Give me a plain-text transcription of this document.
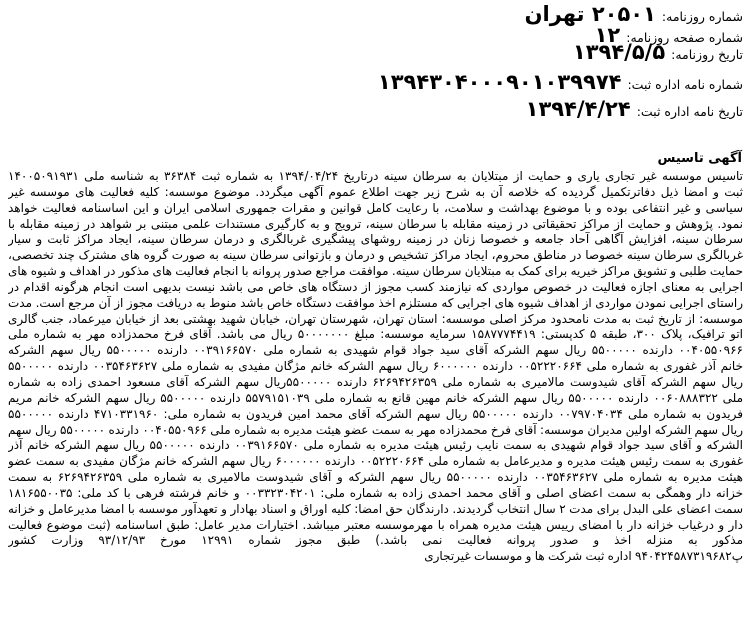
شماره روزنامه:
۲۰۵۰۱ تهران
شماره صفحه روزنامه:
۱۲
تاریخ روزنامه:
۱۳۹۴/۵/۵
شماره نامه اداره ثبت:
۱۳۹۴۳۰۴۰۰۰۹۰۱۰۳۹۹۷۴
تاریخ نامه اداره ثبت:
۱۳۹۴/۴/۲۴
آگهی تاسیس
تاسیس موسسه غیر تجاری یاری و حمایت از مبتلایان به سرطان سینه درتاریخ ۱۳۹۴/۰۴/۲۴ به شماره ثبت ۳۶۳۸۴ به شناسه ملی ۱۴۰۰۵۰۹۱۹۳۱
ثبت و امضا ذیل دفاترتکمیل گردیده که خلاصه آن به شرح زیر جهت اطلاع عموم آگهی میگردد. موضوع موسسه: کلیه فعالیت های موسسه غیر
سیاسی و غیر انتفاعی بوده و با موضوع بهداشت و سلامت، با رعایت کامل قوانین و مقرات جمهوری اسلامی ایران و این اساسنامه فعالیت خواهد
نمود. پژوهش و حمایت از مراکز تحقیقاتی در زمینه مقابله با سرطان سینه، ترویج و به کارگیری مستندات علمی مبتنی بر شواهد در زمینه مقابله با
سرطان سینه، افزایش آگاهی آحاد جامعه و خصوصا زنان در زمینه روشهای پیشگیری غربالگری و درمان سرطان سینه، ایجاد مراکز ثابت و سیار
غربالگری سرطان سینه خصوصا در مناطق محروم، ایجاد مراکز تشخیص و درمان و بازتوانی سرطان سینه به صورت گروه های مشترک چند تخصصی،
حمایت طلبی و تشویق مراکز خیریه برای کمک به مبتلایان سرطان سینه. موافقت مراجع صدور پروانه با انجام فعالیت های مذکور در اهداف و شیوه های
اجرایی به معنای اجازه فعالیت در خصوص مواردی که نیازمند کسب مجوز از دستگاه های خاص می باشد نیست بدیهی است انجام هرگونه اقدام در
راستای اجرایی نمودن مواردی از اهداف شیوه های اجرایی که مستلزم اخذ موافقت دستگاه خاص باشد منوط به دریافت مجوز از آن مرجع است. مدت
موسسه: از تاریخ ثبت به مدت نامحدود مرکز اصلی موسسه: استان تهران، شهرستان تهران، خیابان شهید بهشتی بعد از خیابان میرعماد، جنب گالری
اتو ترافیک، پلاک ۳۰۰، طبقه ۵ کدپستی: ۱۵۸۷۷۷۴۴۱۹ سرمایه موسسه: مبلغ ۵۰۰۰۰۰۰۰ ریال می باشد. آقای فرخ محمدزاده مهر به شماره ملی
۰۰۴۰۵۵۰۹۶۶ دارنده ۵۵۰۰۰۰۰ ریال سهم الشرکه آقای سید جواد قوام شهیدی به شماره ملی ۰۰۳۹۱۶۶۵۷۰ دارنده ۵۵۰۰۰۰۰ ریال سهم الشرکه
خانم آذر غفوری به شماره ملی ۰۰۵۲۲۲۰۶۶۴ دارنده ۶۰۰۰۰۰۰ ریال سهم الشرکه خانم مژگان مفیدی به شماره ملی ۰۰۳۵۴۶۳۶۲۷ دارنده ۵۵۰۰۰۰۰
ریال سهم الشرکه آقای شیدوست مالامیری به شماره ملی ۶۲۶۹۴۲۶۳۵۹ دارنده ۵۵۰۰۰۰۰ریال سهم الشرکه آقای مسعود احمدی زاده به شماره
ملی ۰۰۶۰۸۸۸۳۲۲ دارنده ۵۵۰۰۰۰۰ ریال سهم الشرکه خانم مهین قانع به شماره ملی ۵۵۷۹۱۵۱۰۳۹ دارنده ۵۵۰۰۰۰۰ ریال سهم الشرکه خانم مریم
فریدون به شماره ملی ۰۰۷۹۷۰۴۰۳۴ دارنده ۵۵۰۰۰۰۰ ریال سهم الشرکه آقای محمد امین فریدون به شماره ملی: ۴۷۱۰۳۳۱۹۶۰ دارنده ۵۵۰۰۰۰۰
ریال سهم الشرکه اولین مدیران موسسه: آقای فرخ محمدزاده مهر به سمت عضو هیئت مدیره به شماره ملی ۰۰۴۰۵۵۰۹۶۶ دارنده ۵۵۰۰۰۰۰ ریال سهم
الشرکه و آقای سید جواد قوام شهیدی به سمت نایب رئیس هیئت مدیره به شماره ملی ۰۰۳۹۱۶۶۵۷۰ دارنده ۵۵۰۰۰۰۰ ریال سهم الشرکه خانم آذر
غفوری به سمت رئیس هیئت مدیره و مدیرعامل به شماره ملی ۰۰۵۲۲۲۰۶۶۴ دارنده ۶۰۰۰۰۰۰ ریال سهم الشرکه خانم مژگان مفیدی به سمت عضو
هیئت مدیره به شماره ملی ۰۰۳۵۴۶۳۶۲۷ دارنده ۵۵۰۰۰۰۰ ریال سهم الشرکه و آقای شیدوست مالامیری به شماره ملی ۶۲۶۹۴۲۶۳۵۹ به سمت
خزانه دار وهمگی به سمت اعضای اصلی و آقای محمد احمدی زاده به شماره ملی: ۰۰۳۳۲۳۰۴۲۰۱ و خانم فرشته فرهی با کد ملی: ۱۸۱۶۵۵۰۰۳۵
سمت اعضای علی البدل برای مدت ۲ سال انتخاب گردیدند. دارندگان حق امضا: کلیه اوراق و اسناد بهادار و تعهدآور موسسه با امضا مدیرعامل و خزانه
دار و درغیاب خزانه دار با امضای رییس هیئت مدیره همراه با مهرموسسه معتبر میباشد. اختیارات مدیر عامل: طبق اساسنامه (ثبت موضوع فعالیت
مذکور به منزله اخذ و صدور پروانه فعالیت نمی باشد.) طبق مجوز شماره ۱۲۹۹۱ مورخ ۹۳/۱۲/۹۳ وزارت کشور
پ۹۴۰۴۲۴۵۸۷۳۱۹۶۸۲ اداره ثبت شرکت ها و موسسات غیرتجاری
